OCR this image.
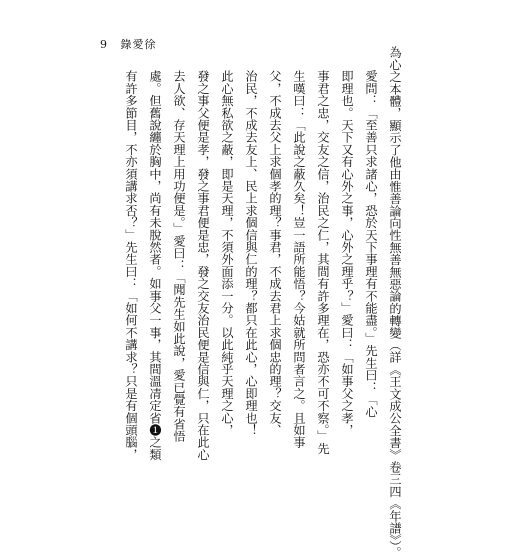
9 錄愛徐
為心之本體，顯示了他由惟善論向性無善無惡論的轉變（詳《王文成公全書》卷三四《年譜》）。
愛問：「至善只求諸心，恐於天下事理有不能盡。」先生曰：「心
即理也。天下又有心外之事，心外之理乎？」愛曰：「如事父之孝，
事君之忠，交友之信，治民之仁，其間有許多理在，恐亦不可不察。」先
生嘆曰：「此說之蔽久矣！豈一語所能悟？今姑就所問者言之。且如事
父，不成去父上求個孝的理？事君，不成去君上求個忠的理？交友、
治民，不成去友上、民上求個信與仁的理？都只在此心，心即理也！
此心無私欲之蔽，即是天理，不須外面添一分。以此純乎天理之心，
發之事父便是孝，發之事君便是忠，發之交友治民便是信與仁，只在此心
去人欲、存天理上用功便是。」愛曰：「聞先生如此說，愛已覺有省悟
處。但舊說纏於胸中，尚有未脫然者。如事父一事，其間溫凊定省❶之類
有許多節目，不亦須講求否？」先生曰：「如何不講求？只是有個頭腦，
